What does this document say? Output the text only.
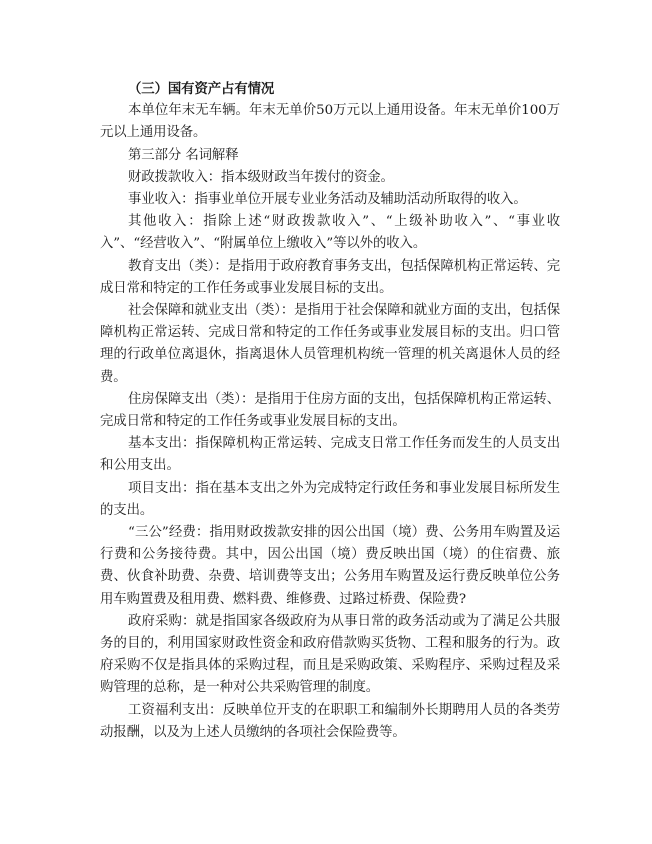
（三）国有资产占有情况

本单位年末无车辆。年末无单价50万元以上通用设备。年末无单价100万元以上通用设备。

第三部分 名词解释

财政拨款收入：指本级财政当年拨付的资金。

事业收入：指事业单位开展专业业务活动及辅助活动所取得的收入。

其他收入：指除上述“财政拨款收入”、“上级补助收入”、“事业收入”、“经营收入”、“附属单位上缴收入”等以外的收入。

教育支出（类）：是指用于政府教育事务支出，包括保障机构正常运转、完成日常和特定的工作任务或事业发展目标的支出。

社会保障和就业支出（类）：是指用于社会保障和就业方面的支出，包括保障机构正常运转、完成日常和特定的工作任务或事业发展目标的支出。归口管理的行政单位离退休，指离退休人员管理机构统一管理的机关离退休人员的经费。

住房保障支出（类）：是指用于住房方面的支出，包括保障机构正常运转、完成日常和特定的工作任务或事业发展目标的支出。

基本支出：指保障机构正常运转、完成支日常工作任务而发生的人员支出和公用支出。

项目支出：指在基本支出之外为完成特定行政任务和事业发展目标所发生的支出。

“三公”经费：指用财政拨款安排的因公出国（境）费、公务用车购置及运行费和公务接待费。其中，因公出国（境）费反映出国（境）的住宿费、旅费、伙食补助费、杂费、培训费等支出；公务用车购置及运行费反映单位公务用车购置费及租用费、燃料费、维修费、过路过桥费、保险费?

政府采购：就是指国家各级政府为从事日常的政务活动或为了满足公共服务的目的，利用国家财政性资金和政府借款购买货物、工程和服务的行为。政府采购不仅是指具体的采购过程，而且是采购政策、采购程序、采购过程及采购管理的总称，是一种对公共采购管理的制度。

工资福利支出：反映单位开支的在职职工和编制外长期聘用人员的各类劳动报酬，以及为上述人员缴纳的各项社会保险费等。
